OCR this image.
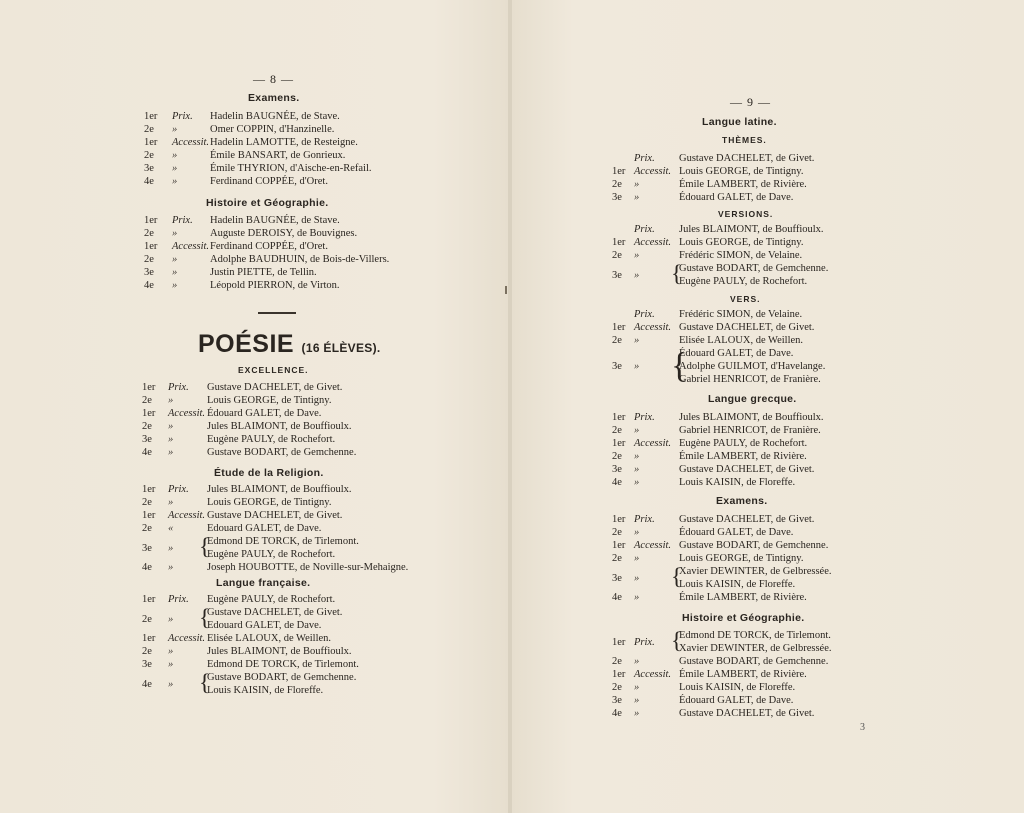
— 8 —
Examens.
1er Prix. Hadelin BAUGNÉE, de Stave.
2e »	Omer COPPIN, d'Hanzinelle.
1er Accessit. Hadelin LAMOTTE, de Resteigne.
2e »	Émile BANSART, de Gonrieux.
3e »	Émile THYRION, d'Aische-en-Refail.
4e »	Ferdinand COPPÉE, d'Oret.
Histoire et Géographie.
1er Prix. Hadelin BAUGNÉE, de Stave.
2e »	Auguste DEROISY, de Bouvignes.
1er Accessit. Ferdinand COPPÉE, d'Oret.
2e »	Adolphe BAUDHUIN, de Bois-de-Villers.
3e »	Justin PIETTE, de Tellin.
4e »	Léopold PIERRON, de Virton.
POÉSIE (16 ÉLÈVES).
EXCELLENCE.
1er Prix. Gustave DACHELET, de Givet.
2e »	Louis GEORGE, de Tintigny.
1er Accessit. Édouard GALET, de Dave.
2e »	Jules BLAIMONT, de Bouffioulx.
3e »	Eugène PAULY, de Rochefort.
4e »	Gustave BODART, de Gemchenne.
Étude de la Religion.
1er Prix. Jules BLAIMONT, de Bouffioulx.
2e »	Louis GEORGE, de Tintigny.
1er Accessit. Gustave DACHELET, de Givet.
2e «	Edouard GALET, de Dave.
3e » {
Edmond DE TORCK, de Tirlemont.
Eugène PAULY, de Rochefort.
4e »	Joseph HOUBOTTE, de Noville-sur-Mehaigne.
Langue française.
1er Prix. Eugène PAULY, de Rochefort.
2e » {
Gustave DACHELET, de Givet.
Edouard GALET, de Dave.
1er Accessit. Elisée LALOUX, de Weillen.
2e »	Jules BLAIMONT, de Bouffioulx.
3e »	Edmond DE TORCK, de Tirlemont.
4e » {
Gustave BODART, de Gemchenne.
Louis KAISIN, de Floreffe.
— 9 —
Langue latine.
THÈMES.
Prix. Gustave DACHELET, de Givet.
1er Accessit. Louis GEORGE, de Tintigny.
2e »	Émile LAMBERT, de Rivière.
3e »	Édouard GALET, de Dave.
VERSIONS.
Prix. Jules BLAIMONT, de Bouffioulx.
1er Accessit. Louis GEORGE, de Tintigny.
2e »	Frédéric SIMON, de Velaine.
3e » {
Gustave BODART, de Gemchenne.
Eugène PAULY, de Rochefort.
VERS.
Prix. Frédéric SIMON, de Velaine.
1er Accessit. Gustave DACHELET, de Givet.
2e »	Elisée LALOUX, de Weillen.
3e » {
Édouard GALET, de Dave.
Adolphe GUILMOT, d'Havelange.
Gabriel HENRICOT, de Franière.
Langue grecque.
1er Prix. Jules BLAIMONT, de Bouffioulx.
2e »	Gabriel HENRICOT, de Franière.
1er Accessit. Eugène PAULY, de Rochefort.
2e »	Émile LAMBERT, de Rivière.
3e »	Gustave DACHELET, de Givet.
4e »	Louis KAISIN, de Floreffe.
Examens.
1er Prix. Gustave DACHELET, de Givet.
2e »	Édouard GALET, de Dave.
1er Accessit. Gustave BODART, de Gemchenne.
2e »	Louis GEORGE, de Tintigny.
3e » {
Xavier DEWINTER, de Gelbressée.
Louis KAISIN, de Floreffe.
4e »	Émile LAMBERT, de Rivière.
Histoire et Géographie.
1er Prix. {
Edmond DE TORCK, de Tirlemont.
Xavier DEWINTER, de Gelbressée.
2e »	Gustave BODART, de Gemchenne.
1er Accessit. Émile LAMBERT, de Rivière.
2e »	Louis KAISIN, de Floreffe.
3e »	Édouard GALET, de Dave.
4e »	Gustave DACHELET, de Givet.
3
